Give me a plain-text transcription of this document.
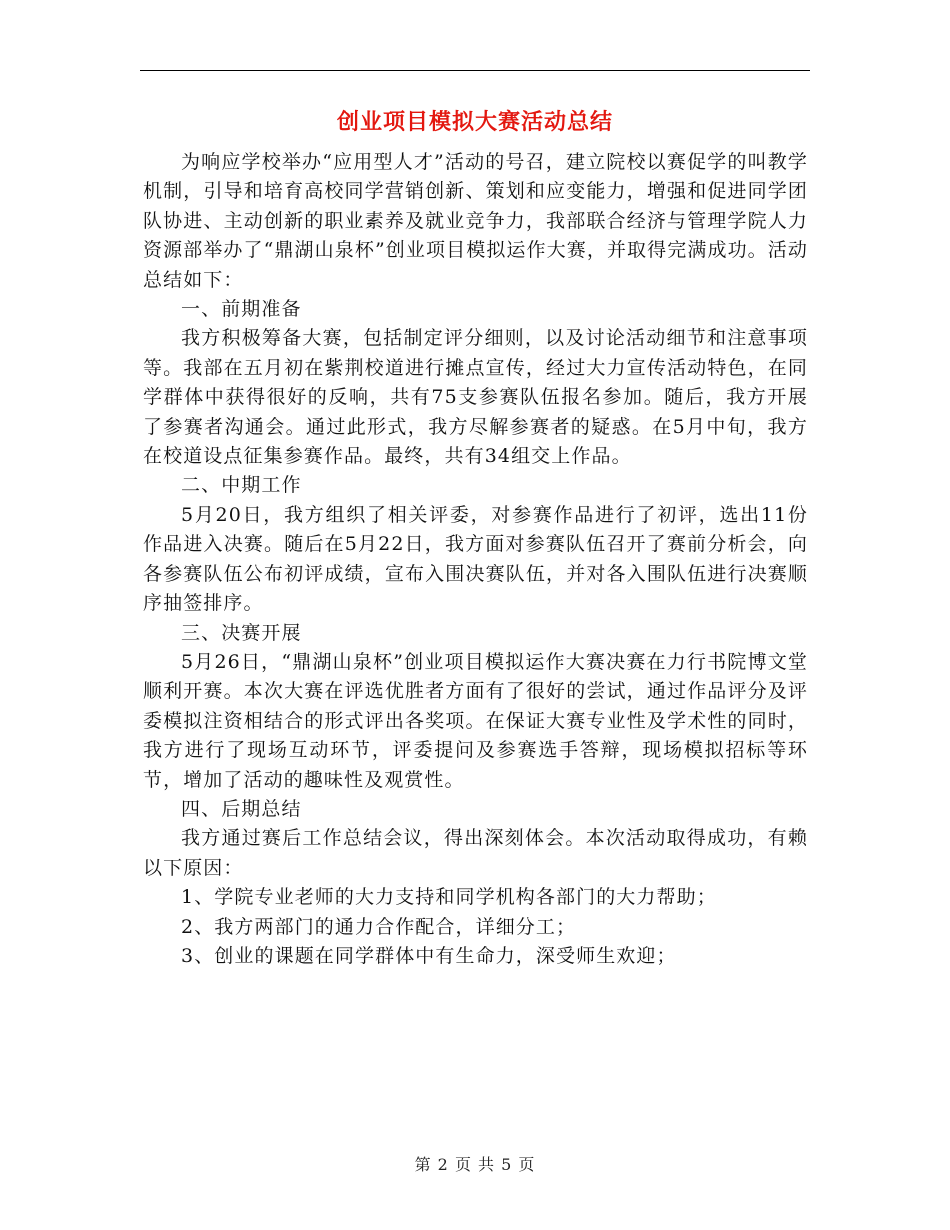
创业项目模拟大赛活动总结

为响应学校举办“应用型人才”活动的号召，建立院校以赛促学的叫教学机制，引导和培育高校同学营销创新、策划和应变能力，增强和促进同学团队协进、主动创新的职业素养及就业竞争力，我部联合经济与管理学院人力资源部举办了“鼎湖山泉杯”创业项目模拟运作大赛，并取得完满成功。活动总结如下：

一、前期准备

我方积极筹备大赛，包括制定评分细则，以及讨论活动细节和注意事项等。我部在五月初在紫荆校道进行摊点宣传，经过大力宣传活动特色，在同学群体中获得很好的反响，共有75支参赛队伍报名参加。随后，我方开展了参赛者沟通会。通过此形式，我方尽解参赛者的疑惑。在5月中旬，我方在校道设点征集参赛作品。最终，共有34组交上作品。

二、中期工作

5月20日，我方组织了相关评委，对参赛作品进行了初评，选出11份作品进入决赛。随后在5月22日，我方面对参赛队伍召开了赛前分析会，向各参赛队伍公布初评成绩，宣布入围决赛队伍，并对各入围队伍进行决赛顺序抽签排序。

三、决赛开展

5月26日，“鼎湖山泉杯”创业项目模拟运作大赛决赛在力行书院博文堂顺利开赛。本次大赛在评选优胜者方面有了很好的尝试，通过作品评分及评委模拟注资相结合的形式评出各奖项。在保证大赛专业性及学术性的同时，我方进行了现场互动环节，评委提问及参赛选手答辩，现场模拟招标等环节，增加了活动的趣味性及观赏性。

四、后期总结

我方通过赛后工作总结会议，得出深刻体会。本次活动取得成功，有赖以下原因：

1、学院专业老师的大力支持和同学机构各部门的大力帮助；

2、我方两部门的通力合作配合，详细分工；

3、创业的课题在同学群体中有生命力，深受师生欢迎；

第 2 页 共 5 页
